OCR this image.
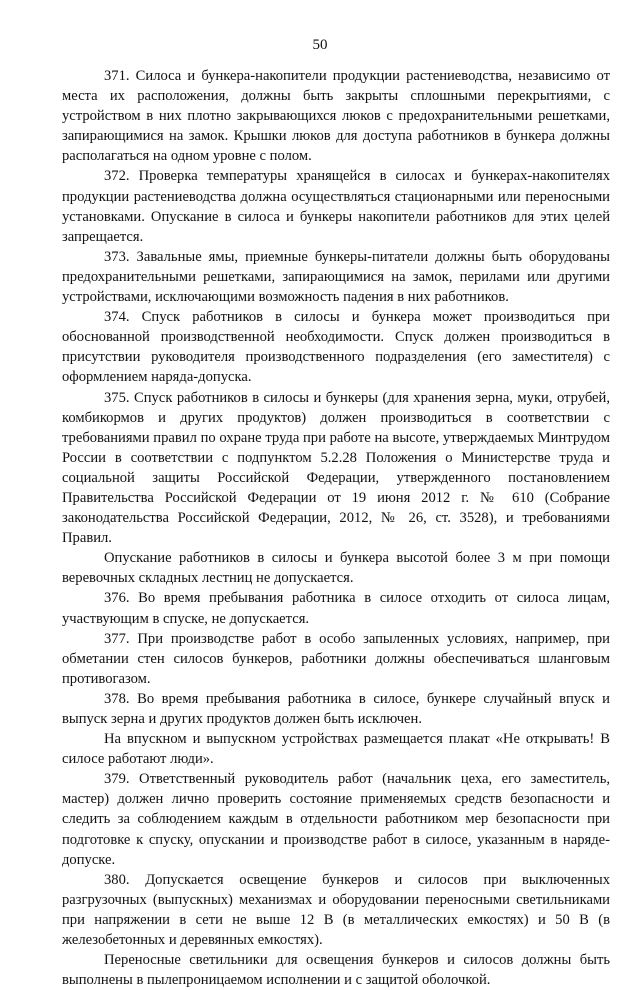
50

371. Силоса и бункера-накопители продукции растениеводства, независимо от места их расположения, должны быть закрыты сплошными перекрытиями, с устройством в них плотно закрывающихся люков с предохранительными решетками, запирающимися на замок. Крышки люков для доступа работников в бункера должны располагаться на одном уровне с полом.

372. Проверка температуры хранящейся в силосах и бункерах-накопителях продукции растениеводства должна осуществляться стационарными или переносными установками. Опускание в силоса и бункеры накопители работников для этих целей запрещается.

373. Завальные ямы, приемные бункеры-питатели должны быть оборудованы предохранительными решетками, запирающимися на замок, перилами или другими устройствами, исключающими возможность падения в них работников.

374. Спуск работников в силосы и бункера может производиться при обоснованной производственной необходимости. Спуск должен производиться в присутствии руководителя производственного подразделения (его заместителя) с оформлением наряда-допуска.

375. Спуск работников в силосы и бункеры (для хранения зерна, муки, отрубей, комбикормов и других продуктов) должен производиться в соответствии с требованиями правил по охране труда при работе на высоте, утверждаемых Минтрудом России в соответствии с подпунктом 5.2.28 Положения о Министерстве труда и социальной защиты Российской Федерации, утвержденного постановлением Правительства Российской Федерации от 19 июня 2012 г. № 610 (Собрание законодательства Российской Федерации, 2012, № 26, ст. 3528), и требованиями Правил.

Опускание работников в силосы и бункера высотой более 3 м при помощи веревочных складных лестниц не допускается.

376. Во время пребывания работника в силосе отходить от силоса лицам, участвующим в спуске, не допускается.

377. При производстве работ в особо запыленных условиях, например, при обметании стен силосов бункеров, работники должны обеспечиваться шланговым противогазом.

378. Во время пребывания работника в силосе, бункере случайный впуск и выпуск зерна и других продуктов должен быть исключен.

На впускном и выпускном устройствах размещается плакат «Не открывать! В силосе работают люди».

379. Ответственный руководитель работ (начальник цеха, его заместитель, мастер) должен лично проверить состояние применяемых средств безопасности и следить за соблюдением каждым в отдельности работником мер безопасности при подготовке к спуску, опускании и производстве работ в силосе, указанным в наряде-допуске.

380. Допускается освещение бункеров и силосов при выключенных разгрузочных (выпускных) механизмах и оборудовании переносными светильниками при напряжении в сети не выше 12 В (в металлических емкостях) и 50 В (в железобетонных и деревянных емкостях).

Переносные светильники для освещения бункеров и силосов должны быть выполнены в пылепроницаемом исполнении и с защитой оболочкой.
